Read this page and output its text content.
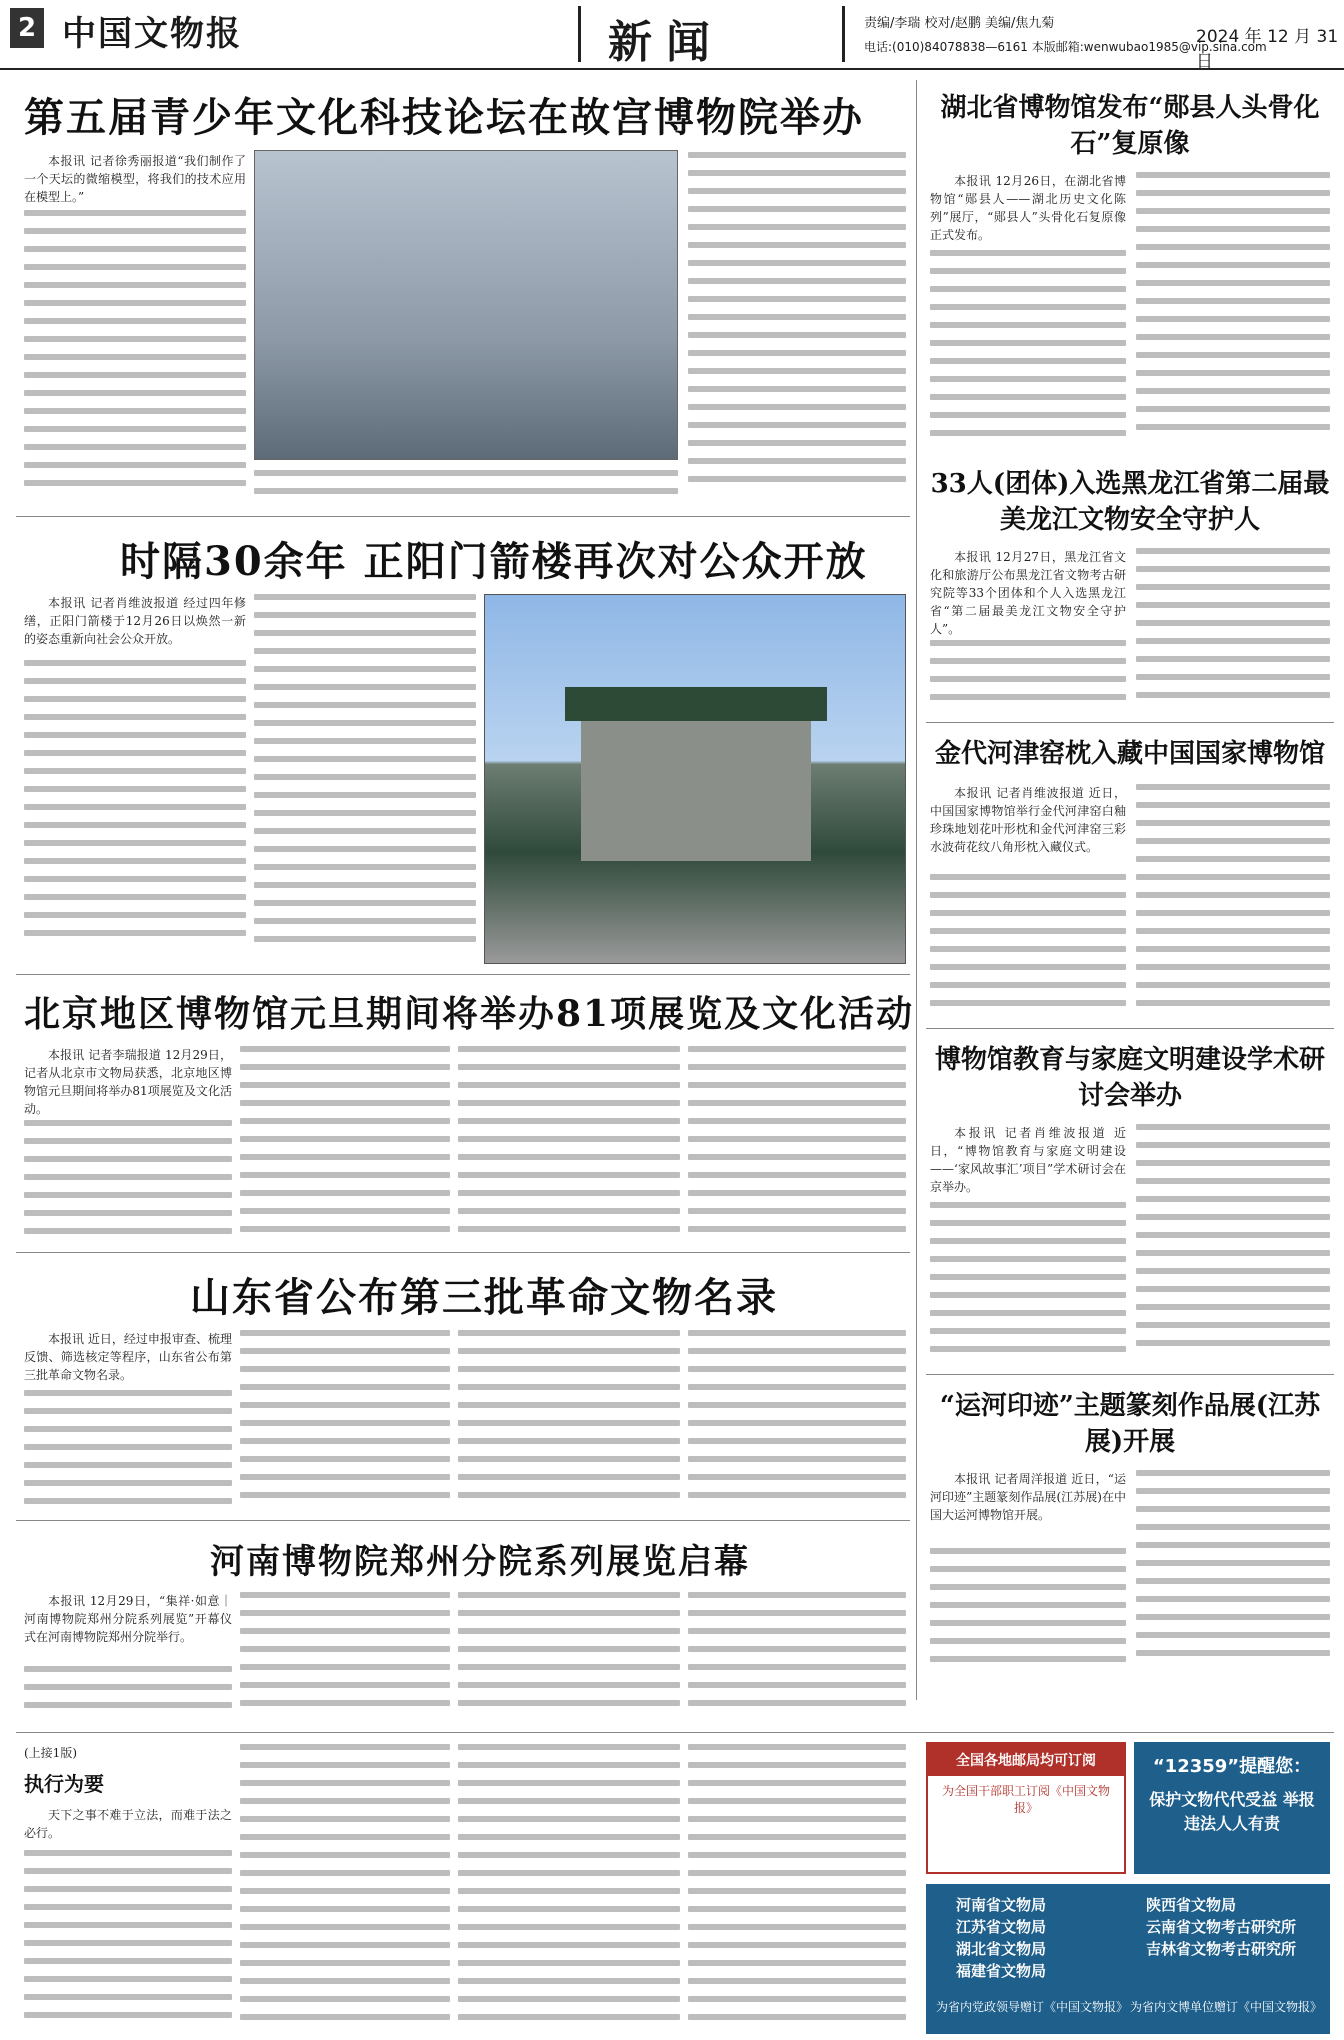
2 中国文物报	新闻	责编/李瑞 校对/赵鹏 美编/焦九菊
电话:(010)84078838—6161 本版邮箱:wenwubao1985@vip.sina.com
2024 年 12 月 31 日
第五届青少年文化科技论坛在故宫博物院举办

本报讯 记者徐秀丽报道“我们制作了一个天坛的微缩模型，将我们的技术应用在模型上。”

湖北省博物馆发布“郧县人头骨化石”复原像

本报讯 12月26日，在湖北省博物馆“郧县人——湖北历史文化陈列”展厅，“郧县人”头骨化石复原像正式发布。

时隔30余年 正阳门箭楼再次对公众开放

本报讯 记者肖维波报道 经过四年修缮，正阳门箭楼于12月26日以焕然一新的姿态重新向社会公众开放。

33人(团体)入选黑龙江省第二届最美龙江文物安全守护人

本报讯 12月27日，黑龙江省文化和旅游厅公布黑龙江省文物考古研究院等33个团体和个人入选黑龙江省“第二届最美龙江文物安全守护人”。

金代河津窑枕入藏中国国家博物馆

本报讯 记者肖维波报道 近日，中国国家博物馆举行金代河津窑白釉珍珠地划花叶形枕和金代河津窑三彩水波荷花纹八角形枕入藏仪式。

北京地区博物馆元旦期间将举办81项展览及文化活动

本报讯 记者李瑞报道 12月29日，记者从北京市文物局获悉，北京地区博物馆元旦期间将举办81项展览及文化活动。

博物馆教育与家庭文明建设学术研讨会举办

本报讯 记者肖维波报道 近日，“博物馆教育与家庭文明建设——‘家风故事汇’项目”学术研讨会在京举办。

山东省公布第三批革命文物名录

本报讯 近日，经过申报审查、梳理反馈、筛选核定等程序，山东省公布第三批革命文物名录。

“运河印迹”主题篆刻作品展(江苏展)开展

本报讯 记者周洋报道 近日，“运河印迹”主题篆刻作品展(江苏展)在中国大运河博物馆开展。

河南博物院郑州分院系列展览启幕

本报讯 12月29日，“集祥·如意｜河南博物院郑州分院系列展览”开幕仪式在河南博物院郑州分院举行。

(上接1版)
执行为要

天下之事不难于立法，而难于法之必行。

全国各地邮局均可订阅
为全国干部职工订阅《中国文物报》
“12359”提醒您：
保护文物代代受益 举报违法人人有责
河南省文物局
江苏省文物局
湖北省文物局
福建省文物局
陕西省文物局
云南省文物考古研究所
吉林省文物考古研究所
为省内党政领导赠订《中国文物报》 为省内文博单位赠订《中国文物报》
